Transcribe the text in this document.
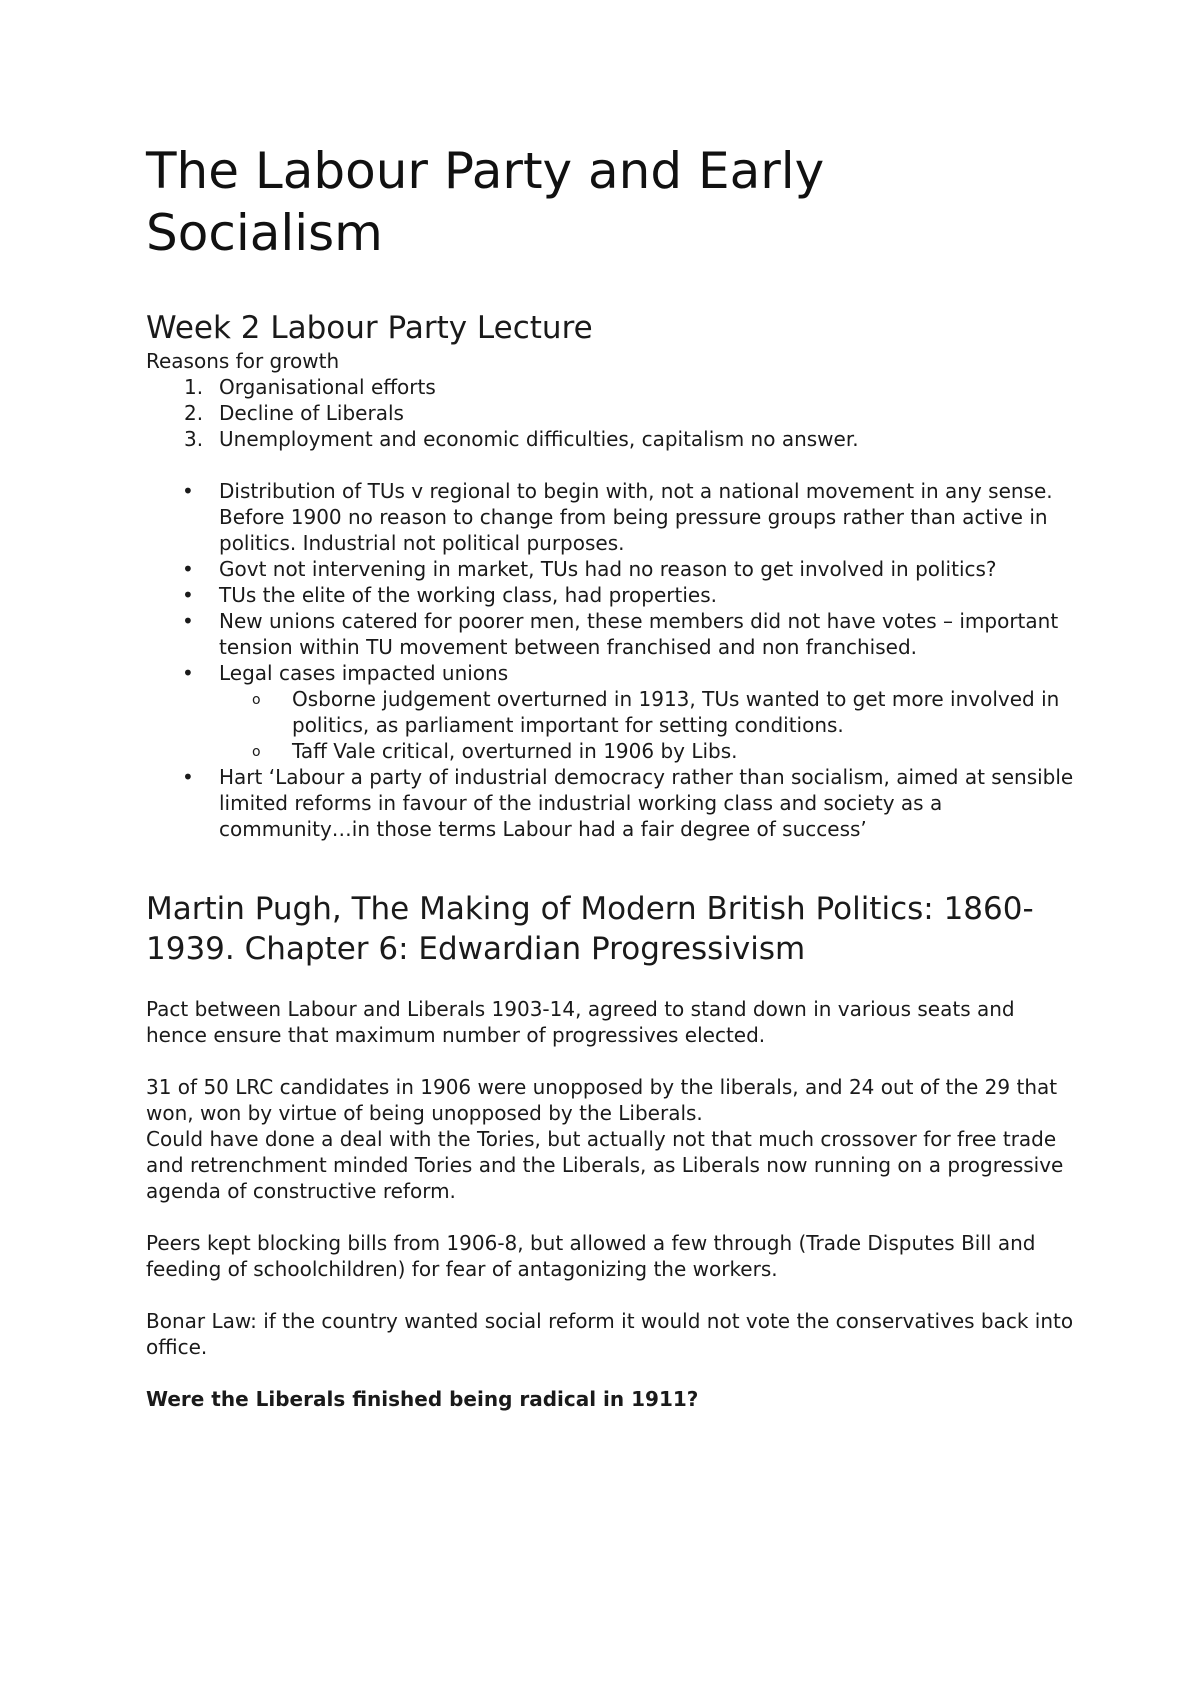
The Labour Party and Early Socialism
Week 2 Labour Party Lecture

Reasons for growth

1. Organisational efforts
2. Decline of Liberals
3. Unemployment and economic difficulties, capitalism no answer.
• Distribution of TUs v regional to begin with, not a national movement in any sense. Before 1900 no reason to change from being pressure groups rather than active in politics. Industrial not political purposes.
• Govt not intervening in market, TUs had no reason to get involved in politics?
• TUs the elite of the working class, had properties.
• New unions catered for poorer men, these members did not have votes – important tension within TU movement between franchised and non franchised.
• Legal cases impacted unions
o Osborne judgement overturned in 1913, TUs wanted to get more involved in politics, as parliament important for setting conditions.
o Taff Vale critical, overturned in 1906 by Libs.
• Hart ‘Labour a party of industrial democracy rather than socialism, aimed at sensible limited reforms in favour of the industrial working class and society as a community…in those terms Labour had a fair degree of success’
Martin Pugh, The Making of Modern British Politics: 1860-1939. Chapter 6: Edwardian Progressivism

Pact between Labour and Liberals 1903-14, agreed to stand down in various seats and hence ensure that maximum number of progressives elected.

31 of 50 LRC candidates in 1906 were unopposed by the liberals, and 24 out of the 29 that won, won by virtue of being unopposed by the Liberals.

Could have done a deal with the Tories, but actually not that much crossover for free trade and retrenchment minded Tories and the Liberals, as Liberals now running on a progressive agenda of constructive reform.

Peers kept blocking bills from 1906-8, but allowed a few through (Trade Disputes Bill and feeding of schoolchildren) for fear of antagonizing the workers.

Bonar Law: if the country wanted social reform it would not vote the conservatives back into office.

Were the Liberals finished being radical in 1911?
